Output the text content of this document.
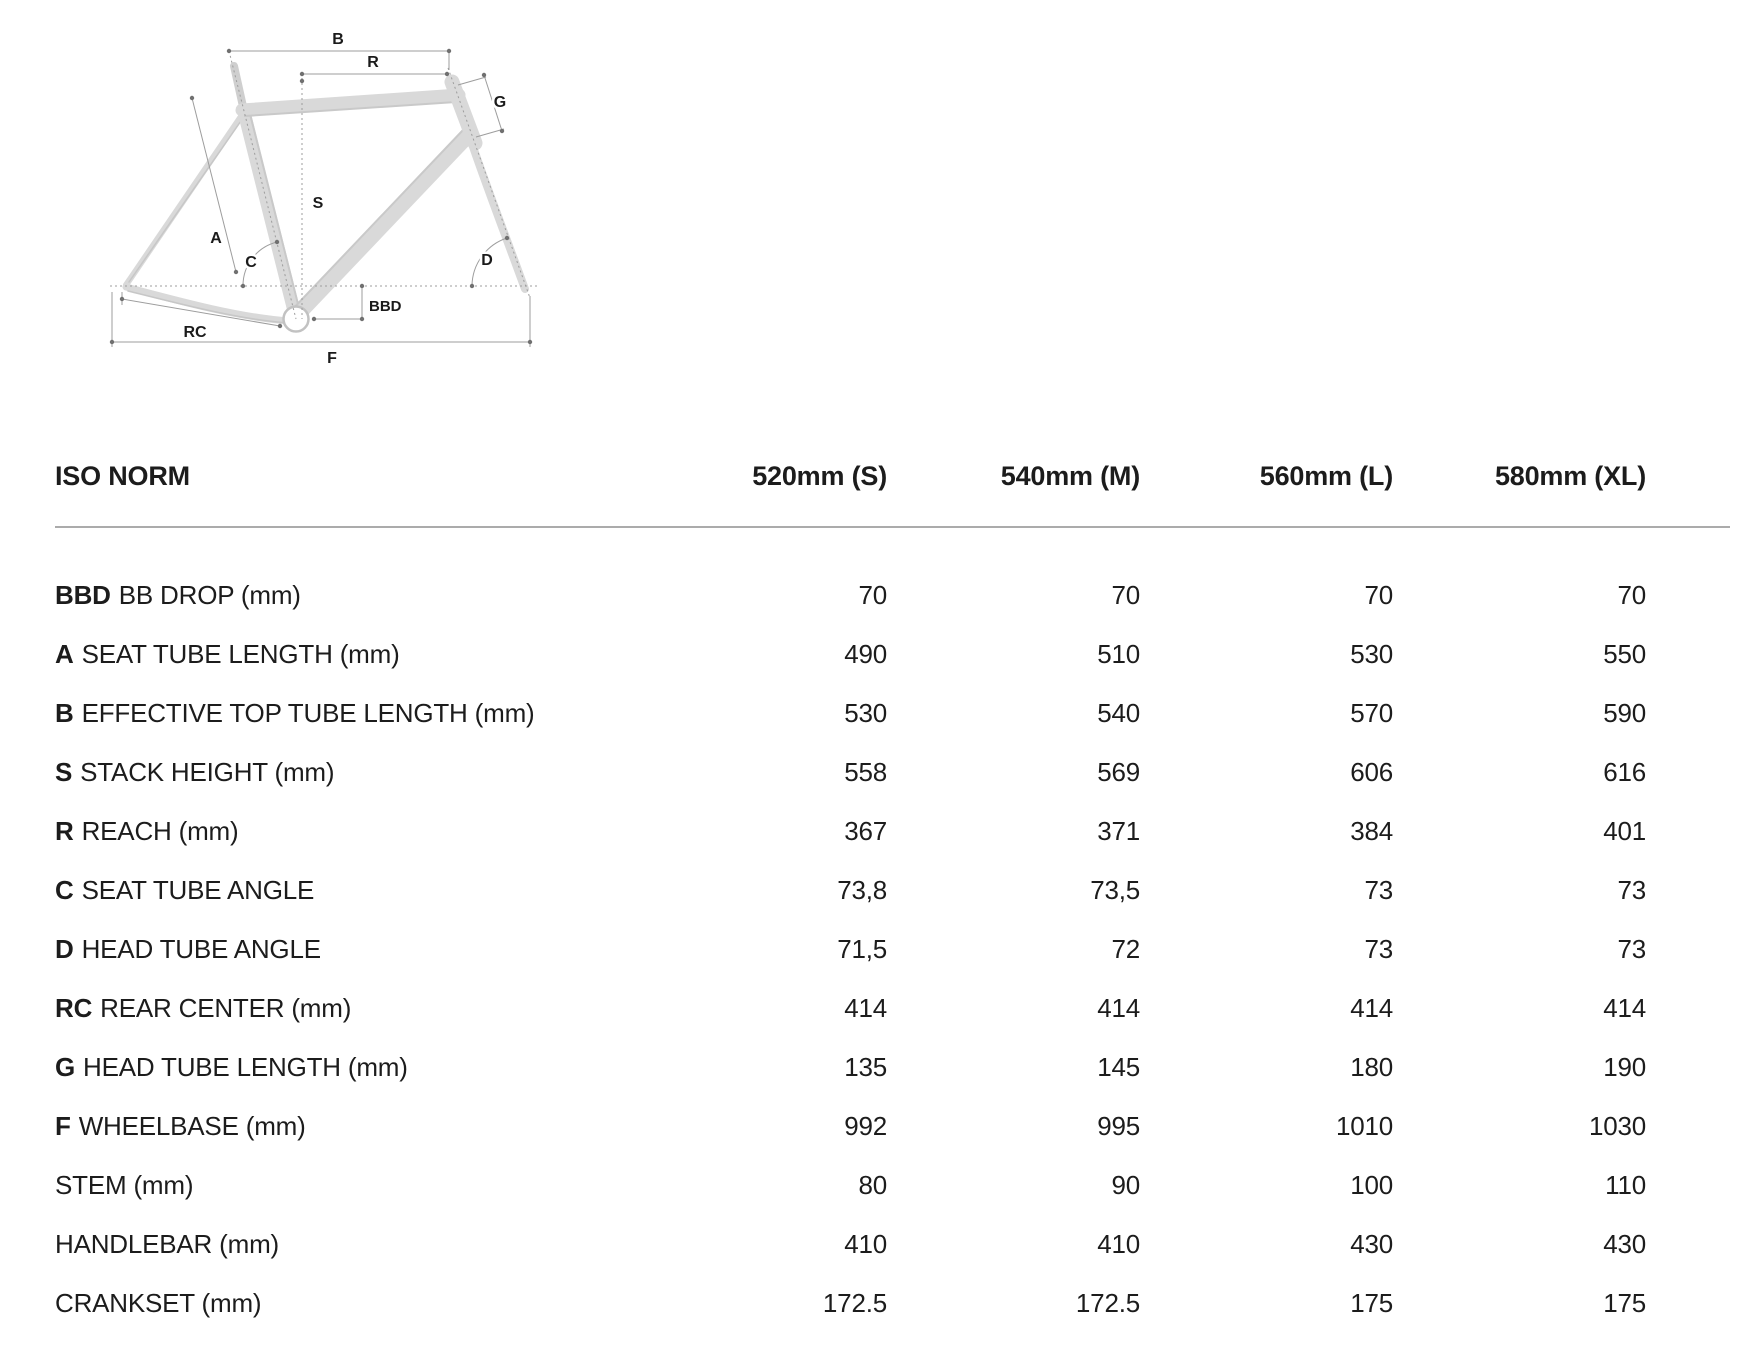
B
R
G
S
A
C	D
BBD
RC
F
ISO NORM	520mm (S)	540mm (M)	560mm (L)	580mm (XL)
BBD BB DROP (mm)	70	70	70	70
A SEAT TUBE LENGTH (mm)	490	510	530	550
B EFFECTIVE TOP TUBE LENGTH (mm)	530	540	570	590
S STACK HEIGHT (mm)	558	569	606	616
R REACH (mm)	367	371	384	401
C SEAT TUBE ANGLE	73,8	73,5	73	73
D HEAD TUBE ANGLE	71,5	72	73	73
RC REAR CENTER (mm)	414	414	414	414
G HEAD TUBE LENGTH (mm)	135	145	180	190
F WHEELBASE (mm)	992	995	1010	1030
STEM (mm)	80	90	100	110
HANDLEBAR (mm)	410	410	430	430
CRANKSET (mm)	172.5	172.5	175	175
